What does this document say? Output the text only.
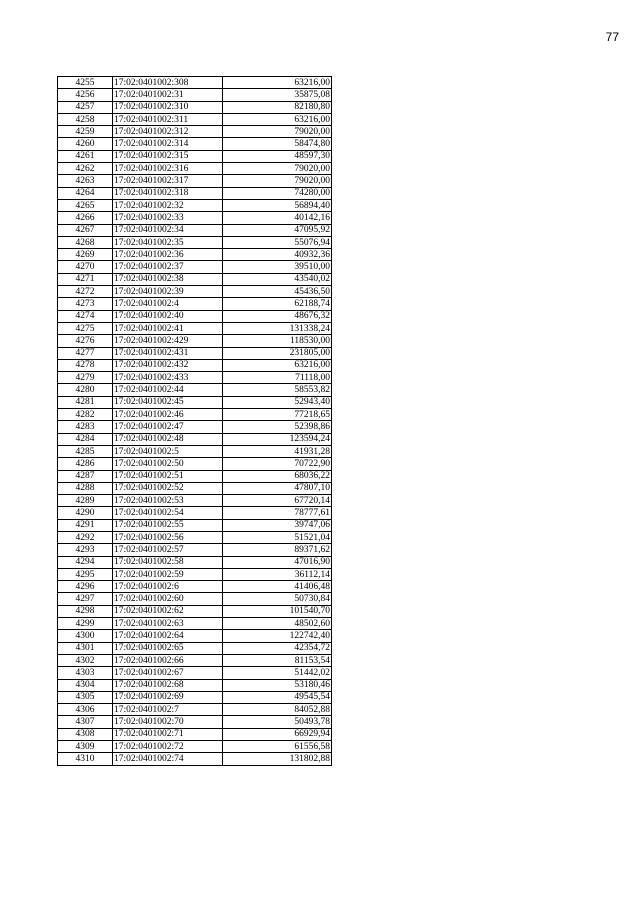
77
4255	17:02:0401002:308	63216,00
4256	17:02:0401002:31	35875,08
4257	17:02:0401002:310	82180,80
4258	17:02:0401002:311	63216,00
4259	17:02:0401002:312	79020,00
4260	17:02:0401002:314	58474,80
4261	17:02:0401002:315	48597,30
4262	17:02:0401002:316	79020,00
4263	17:02:0401002:317	79020,00
4264	17:02:0401002:318	74280,00
4265	17:02:0401002:32	56894,40
4266	17:02:0401002:33	40142,16
4267	17:02:0401002:34	47095,92
4268	17:02:0401002:35	55076,94
4269	17:02:0401002:36	40932,36
4270	17:02:0401002:37	39510,00
4271	17:02:0401002:38	43540,02
4272	17:02:0401002:39	45436,50
4273	17:02:0401002:4	62188,74
4274	17:02:0401002:40	48676,32
4275	17:02:0401002:41	131338,24
4276	17:02:0401002:429	118530,00
4277	17:02:0401002:431	231805,00
4278	17:02:0401002:432	63216,00
4279	17:02:0401002:433	71118,00
4280	17:02:0401002:44	58553,82
4281	17:02:0401002:45	52943,40
4282	17:02:0401002:46	77218,65
4283	17:02:0401002:47	52398,86
4284	17:02:0401002:48	123594,24
4285	17:02:0401002:5	41931,28
4286	17:02:0401002:50	70722,90
4287	17:02:0401002:51	68036,22
4288	17:02:0401002:52	47807,10
4289	17:02:0401002:53	67720,14
4290	17:02:0401002:54	78777,61
4291	17:02:0401002:55	39747,06
4292	17:02:0401002:56	51521,04
4293	17:02:0401002:57	89371,62
4294	17:02:0401002:58	47016,90
4295	17:02:0401002:59	36112,14
4296	17:02:0401002:6	41406,48
4297	17:02:0401002:60	50730,84
4298	17:02:0401002:62	101540,70
4299	17:02:0401002:63	48502,60
4300	17:02:0401002:64	122742,40
4301	17:02:0401002:65	42354,72
4302	17:02:0401002:66	81153,54
4303	17:02:0401002:67	51442,02
4304	17:02:0401002:68	53180,46
4305	17:02:0401002:69	49545,54
4306	17:02:0401002:7	84052,88
4307	17:02:0401002:70	50493,78
4308	17:02:0401002:71	66929,94
4309	17:02:0401002:72	61556,58
4310	17:02:0401002:74	131802,88
